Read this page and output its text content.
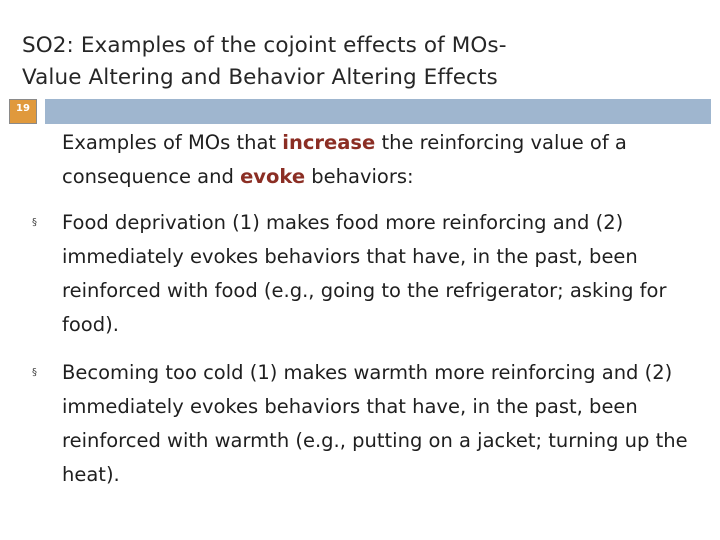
SO2: Examples of the cojoint effects of MOs-
Value Altering and Behavior Altering Effects
19

Examples of MOs that increase the reinforcing value of a consequence and evoke behaviors:

§ Food deprivation (1) makes food more reinforcing and (2) immediately evokes behaviors that have, in the past, been reinforced with food (e.g., going to the refrigerator; asking for food).
§ Becoming too cold (1) makes warmth more reinforcing and (2) immediately evokes behaviors that have, in the past, been reinforced with warmth (e.g., putting on a jacket; turning up the heat).
